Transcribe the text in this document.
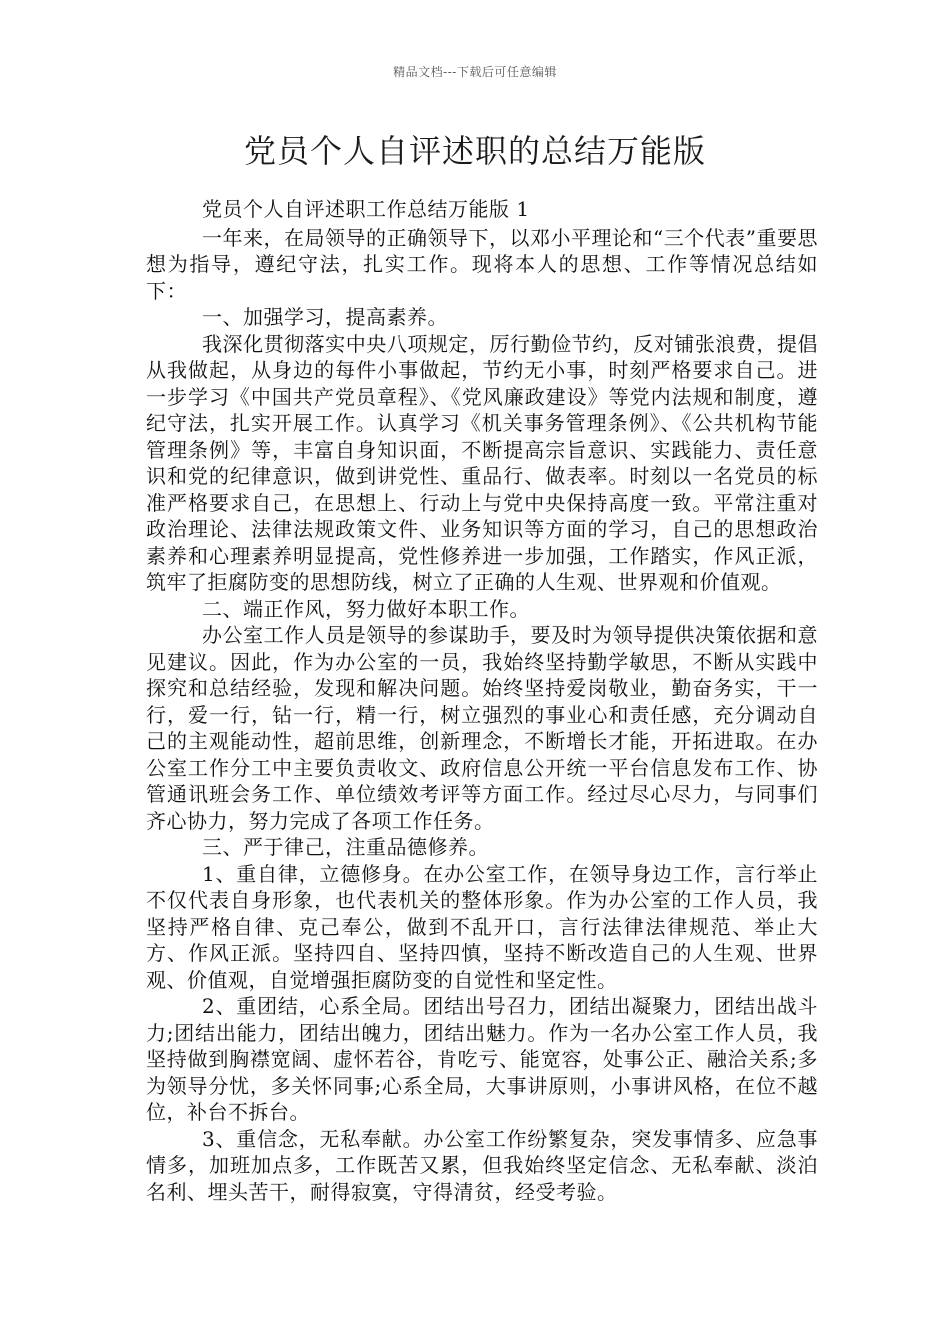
精品文档---下载后可任意编辑
党员个人自评述职的总结万能版

党员个人自评述职工作总结万能版 1

一年来，在局领导的正确领导下，以邓小平理论和“三个代表”重要思想为指导，遵纪守法，扎实工作。现将本人的思想、工作等情况总结如下：

一、加强学习，提高素养。

我深化贯彻落实中央八项规定，厉行勤俭节约，反对铺张浪费，提倡从我做起，从身边的每件小事做起，节约无小事，时刻严格要求自己。进一步学习《中国共产党员章程》、《党风廉政建设》等党内法规和制度，遵纪守法，扎实开展工作。认真学习《机关事务管理条例》、《公共机构节能管理条例》等，丰富自身知识面，不断提高宗旨意识、实践能力、责任意识和党的纪律意识，做到讲党性、重品行、做表率。时刻以一名党员的标准严格要求自己，在思想上、行动上与党中央保持高度一致。平常注重对政治理论、法律法规政策文件、业务知识等方面的学习，自己的思想政治素养和心理素养明显提高，党性修养进一步加强，工作踏实，作风正派，筑牢了拒腐防变的思想防线，树立了正确的人生观、世界观和价值观。

二、端正作风，努力做好本职工作。

办公室工作人员是领导的参谋助手，要及时为领导提供决策依据和意见建议。因此，作为办公室的一员，我始终坚持勤学敏思，不断从实践中探究和总结经验，发现和解决问题。始终坚持爱岗敬业，勤奋务实，干一行，爱一行，钻一行，精一行，树立强烈的事业心和责任感，充分调动自己的主观能动性，超前思维，创新理念，不断增长才能，开拓进取。在办公室工作分工中主要负责收文、政府信息公开统一平台信息发布工作、协管通讯班会务工作、单位绩效考评等方面工作。经过尽心尽力，与同事们齐心协力，努力完成了各项工作任务。

三、严于律己，注重品德修养。

1、重自律，立德修身。在办公室工作，在领导身边工作，言行举止不仅代表自身形象，也代表机关的整体形象。作为办公室的工作人员，我坚持严格自律、克己奉公，做到不乱开口，言行法律法律规范、举止大方、作风正派。坚持四自、坚持四慎，坚持不断改造自己的人生观、世界观、价值观，自觉增强拒腐防变的自觉性和坚定性。

2、重团结，心系全局。团结出号召力，团结出凝聚力，团结出战斗力;团结出能力，团结出魄力，团结出魅力。作为一名办公室工作人员，我坚持做到胸襟宽阔、虚怀若谷，肯吃亏、能宽容，处事公正、融洽关系;多为领导分忧，多关怀同事;心系全局，大事讲原则，小事讲风格，在位不越位，补台不拆台。

3、重信念，无私奉献。办公室工作纷繁复杂，突发事情多、应急事情多，加班加点多，工作既苦又累，但我始终坚定信念、无私奉献、淡泊名利、埋头苦干，耐得寂寞，守得清贫，经受考验。
